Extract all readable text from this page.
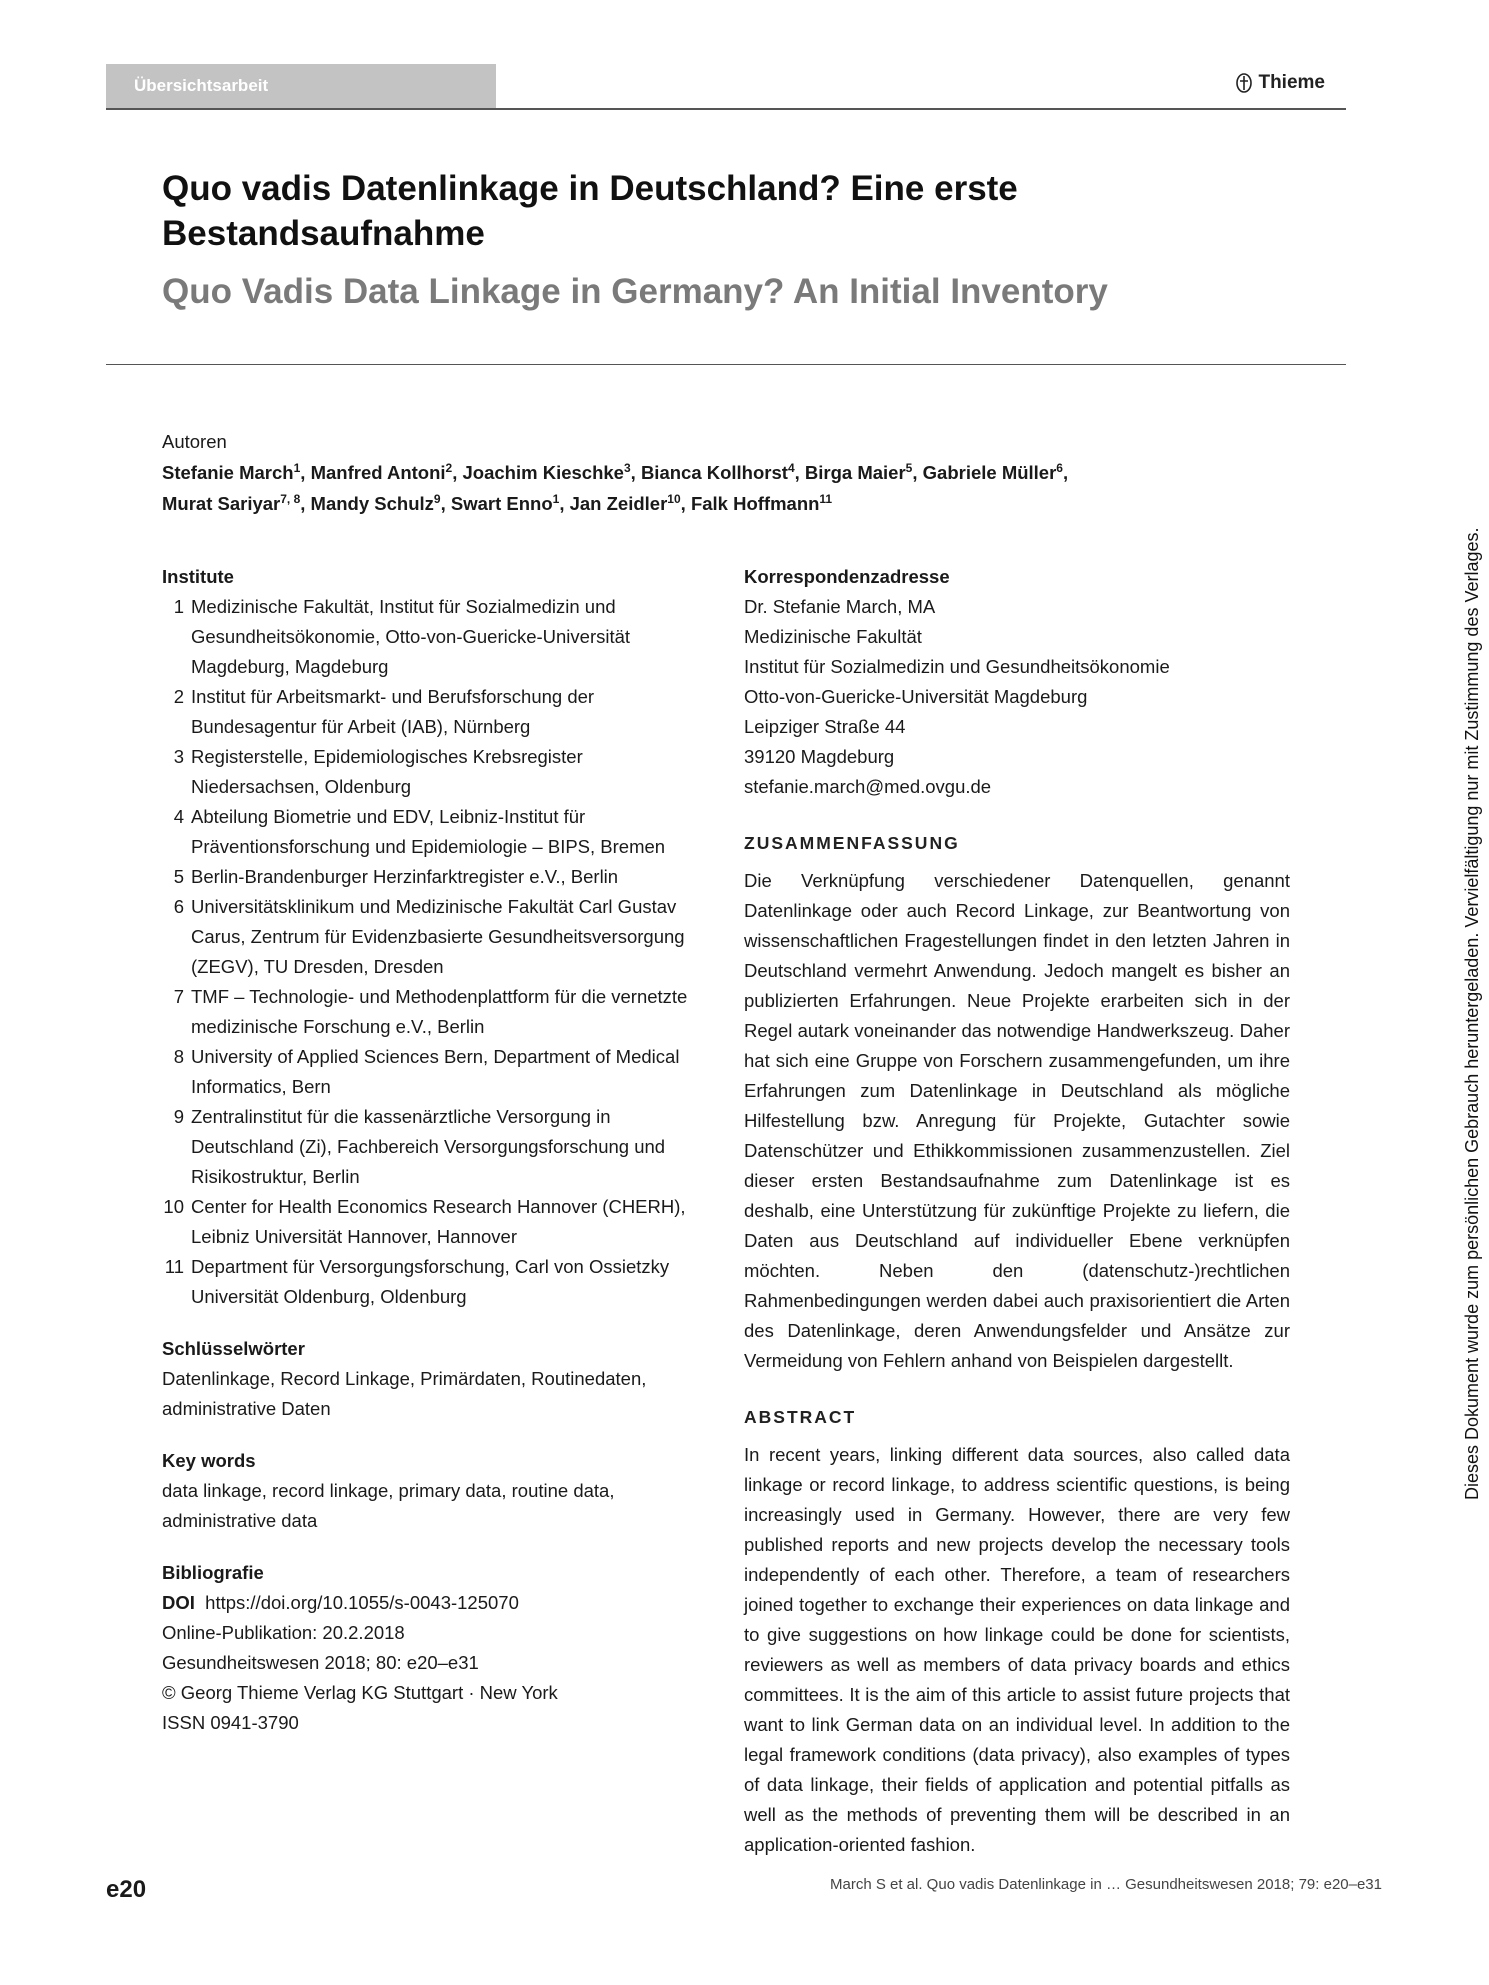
Übersichtsarbeit	Thieme
Quo vadis Datenlinkage in Deutschland? Eine erste Bestandsaufnahme
Quo Vadis Data Linkage in Germany? An Initial Inventory
Autoren
Stefanie March$^1$, Manfred Antoni$^2$, Joachim Kieschke$^3$, Bianca Kollhorst$^4$, Birga Maier$^5$, Gabriele Müller$^6$,
Murat Sariyar$^{7, 8}$, Mandy Schulz$^9$, Swart Enno$^1$, Jan Zeidler$^{10}$, Falk Hoffmann$^{11}$
Institute
1 Medizinische Fakultät, Institut für Sozialmedizin und Gesundheitsökonomie, Otto-von-Guericke-Universität Magdeburg, Magdeburg
2 Institut für Arbeitsmarkt- und Berufsforschung der Bundesagentur für Arbeit (IAB), Nürnberg
3 Registerstelle, Epidemiologisches Krebsregister Niedersachsen, Oldenburg
4 Abteilung Biometrie und EDV, Leibniz-Institut für Präventionsforschung und Epidemiologie – BIPS, Bremen
5 Berlin-Brandenburger Herzinfarktregister e.V., Berlin
6 Universitätsklinikum und Medizinische Fakultät Carl Gustav Carus, Zentrum für Evidenzbasierte Gesundheitsversorgung (ZEGV), TU Dresden, Dresden
7 TMF – Technologie- und Methodenplattform für die vernetzte medizinische Forschung e.V., Berlin
8 University of Applied Sciences Bern, Department of Medical Informatics, Bern
9 Zentralinstitut für die kassenärztliche Versorgung in Deutschland (Zi), Fachbereich Versorgungsforschung und Risikostruktur, Berlin
10 Center for Health Economics Research Hannover (CHERH), Leibniz Universität Hannover, Hannover
11 Department für Versorgungsforschung, Carl von Ossietzky Universität Oldenburg, Oldenburg
Schlüsselwörter
Datenlinkage, Record Linkage, Primärdaten, Routinedaten, administrative Daten
Key words
data linkage, record linkage, primary data, routine data, administrative data
Bibliografie
DOI https://doi.org/10.1055/s-0043-125070
Online-Publikation: 20.2.2018
Gesundheitswesen 2018; 80: e20–e31
© Georg Thieme Verlag KG Stuttgart · New York
ISSN 0941-3790
Korrespondenzadresse
Dr. Stefanie March, MA
Medizinische Fakultät
Institut für Sozialmedizin und Gesundheitsökonomie
Otto-von-Guericke-Universität Magdeburg
Leipziger Straße 44
39120 Magdeburg
stefanie.march@med.ovgu.de
ZUSAMMENFASSUNG

Die Verknüpfung verschiedener Datenquellen, genannt Datenlinkage oder auch Record Linkage, zur Beantwortung von wissenschaftlichen Fragestellungen findet in den letzten Jahren in Deutschland vermehrt Anwendung. Jedoch mangelt es bisher an publizierten Erfahrungen. Neue Projekte erarbeiten sich in der Regel autark voneinander das notwendige Handwerkszeug. Daher hat sich eine Gruppe von Forschern zusammengefunden, um ihre Erfahrungen zum Datenlinkage in Deutschland als mögliche Hilfestellung bzw. Anregung für Projekte, Gutachter sowie Datenschützer und Ethikkommissionen zusammenzustellen. Ziel dieser ersten Bestandsaufnahme zum Datenlinkage ist es deshalb, eine Unterstützung für zukünftige Projekte zu liefern, die Daten aus Deutschland auf individueller Ebene verknüpfen möchten. Neben den (datenschutz-)rechtlichen Rahmenbedingungen werden dabei auch praxisorientiert die Arten des Datenlinkage, deren Anwendungsfelder und Ansätze zur Vermeidung von Fehlern anhand von Beispielen dargestellt.

ABSTRACT

In recent years, linking different data sources, also called data linkage or record linkage, to address scientific questions, is being increasingly used in Germany. However, there are very few published reports and new projects develop the necessary tools independently of each other. Therefore, a team of researchers joined together to exchange their experiences on data linkage and to give suggestions on how linkage could be done for scientists, reviewers as well as members of data privacy boards and ethics committees. It is the aim of this article to assist future projects that want to link German data on an individual level. In addition to the legal framework conditions (data privacy), also examples of types of data linkage, their fields of application and potential pitfalls as well as the methods of preventing them will be described in an application-oriented fashion.

e20	March S et al. Quo vadis Datenlinkage in … Gesundheitswesen 2018; 79: e20–e31
Dieses Dokument wurde zum persönlichen Gebrauch heruntergeladen. Vervielfältigung nur mit Zustimmung des Verlages.
